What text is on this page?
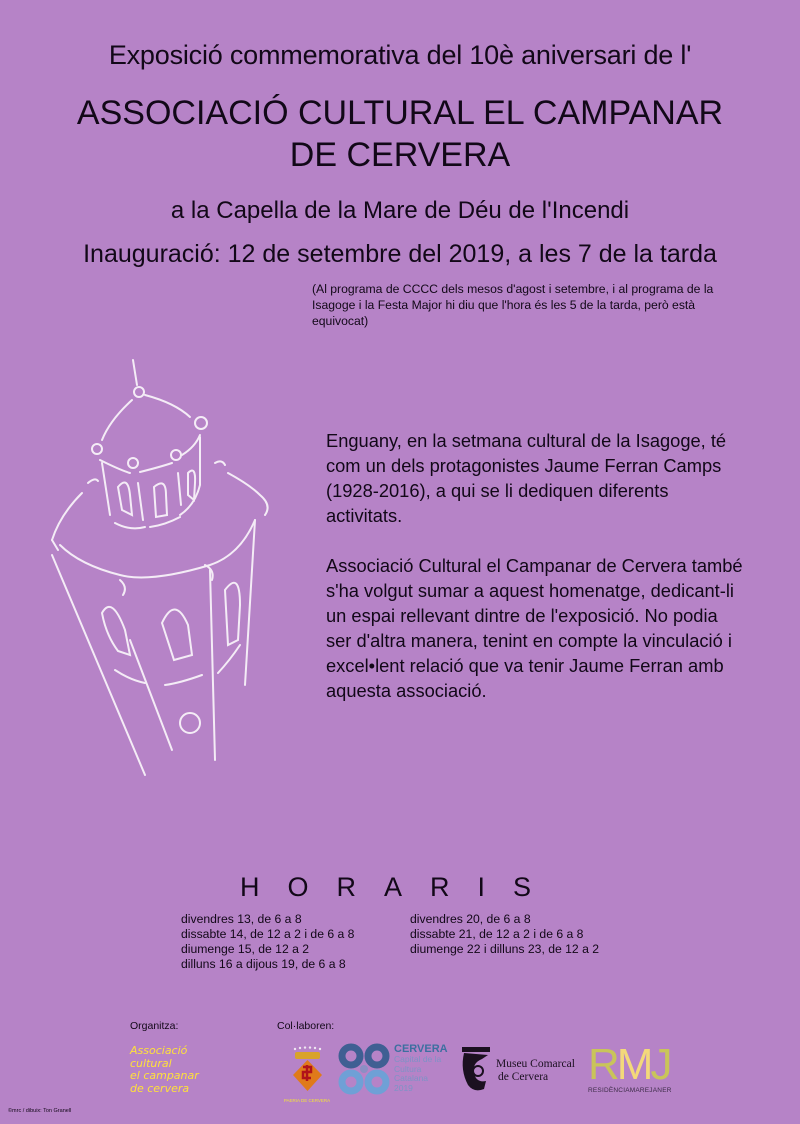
Exposició commemorativa del 10è aniversari de l'
ASSOCIACIÓ CULTURAL EL CAMPANAR
DE CERVERA
a la Capella de la Mare de Déu de l'Incendi
Inauguració: 12 de setembre del 2019, a les 7 de la tarda
(Al programa de CCCC dels mesos d'agost i setembre, i al programa de la
Isagoge i la Festa Major hi diu que l'hora és les 5 de la tarda, però està
equivocat)

Enguany, en la setmana cultural de la Isagoge, té com un dels protagonistes Jaume Ferran Camps (1928-2016), a qui se li dediquen diferents activitats.

Associació Cultural el Campanar de Cervera també s'ha volgut sumar a aquest homenatge, dedicant-li un espai rellevant dintre de l'exposició. No podia ser d'altra manera, tenint en compte la vinculació i excel•lent relació que va tenir Jaume Ferran amb aquesta associació.

HORARIS
divendres 13, de 6 a 8
dissabte 14, de 12 a 2 i de 6 a 8
diumenge 15, de 12 a 2
dilluns 16 a dijous 19, de 6 a 8
divendres 20, de 6 a 8
dissabte 21, de 12 a 2 i de 6 a 8
diumenge 22 i dilluns 23, de 12 a 2
Organitza:	Col·laboren:
Associació
cultural
el campanar
de cervera
PAERIA DE CERVERA
CERVERA
Capital de la
Cultura
Catalana
2019
Museu Comarcal
de Cervera RMJ
RESIDÈNCIAMAREJANER
©mrc / dibuix: Ton Granell
